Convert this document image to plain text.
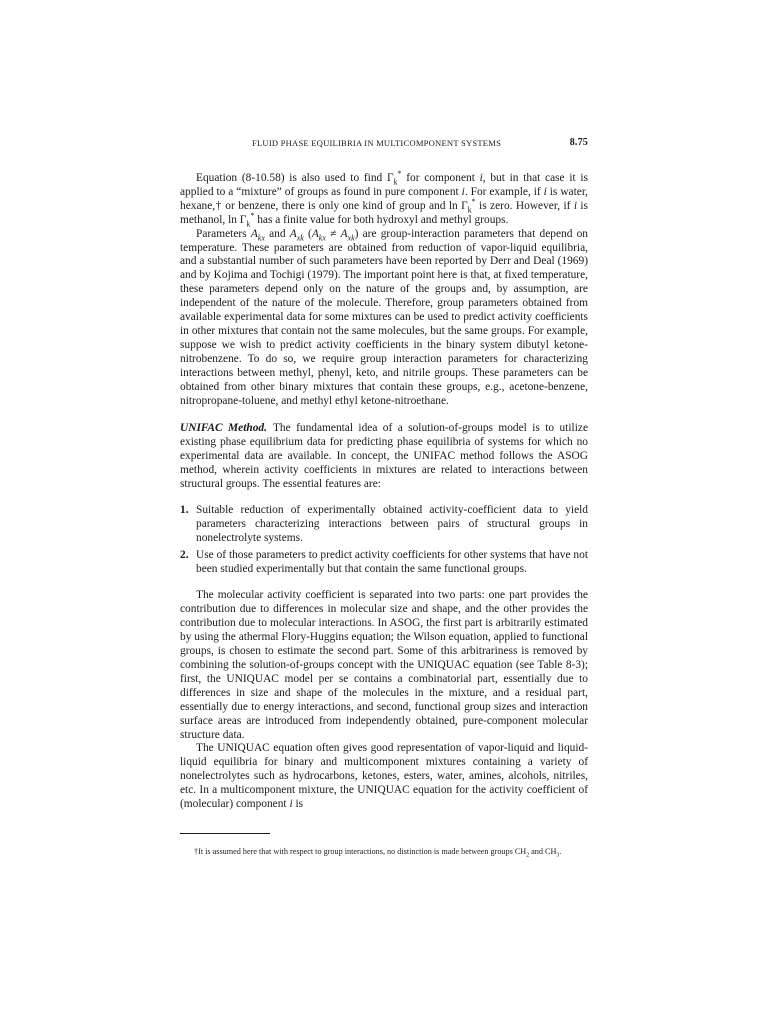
FLUID PHASE EQUILIBRIA IN MULTICOMPONENT SYSTEMS	8.75

Equation (8-10.58) is also used to find $\Gamma_k^*$ for component i, but in that case it is applied to a “mixture” of groups as found in pure component i. For example, if i is water, hexane,† or benzene, there is only one kind of group and $\ln \Gamma_k^*$ is zero. However, if i is methanol, $\ln \Gamma_k^*$ has a finite value for both hydroxyl and methyl groups.

Parameters $A_{kx}$ and $A_{xk}$ $(A_{kx} \ne A_{xk})$ are group-interaction parameters that depend on temperature. These parameters are obtained from reduction of vapor-liquid equilibria, and a substantial number of such parameters have been reported by Derr and Deal (1969) and by Kojima and Tochigi (1979). The important point here is that, at fixed temperature, these parameters depend only on the nature of the groups and, by assumption, are independent of the nature of the molecule. Therefore, group parameters obtained from available experimental data for some mixtures can be used to predict activity coefficients in other mixtures that contain not the same molecules, but the same groups. For example, suppose we wish to predict activity coefficients in the binary system dibutyl ketone-nitrobenzene. To do so, we require group interaction parameters for characterizing interactions between methyl, phenyl, keto, and nitrile groups. These parameters can be obtained from other binary mixtures that contain these groups, e.g., acetone-benzene, nitropropane-toluene, and methyl ethyl ketone-nitroethane.

UNIFAC Method. The fundamental idea of a solution-of-groups model is to utilize existing phase equilibrium data for predicting phase equilibria of systems for which no experimental data are available. In concept, the UNIFAC method follows the ASOG method, wherein activity coefficients in mixtures are related to interactions between structural groups. The essential features are:

1. Suitable reduction of experimentally obtained activity-coefficient data to yield parameters characterizing interactions between pairs of structural groups in nonelectrolyte systems.
2. Use of those parameters to predict activity coefficients for other systems that have not been studied experimentally but that contain the same functional groups.

The molecular activity coefficient is separated into two parts: one part provides the contribution due to differences in molecular size and shape, and the other provides the contribution due to molecular interactions. In ASOG, the first part is arbitrarily estimated by using the athermal Flory-Huggins equation; the Wilson equation, applied to functional groups, is chosen to estimate the second part. Some of this arbitrariness is removed by combining the solution-of-groups concept with the UNIQUAC equation (see Table 8-3); first, the UNIQUAC model per se contains a combinatorial part, essentially due to differences in size and shape of the molecules in the mixture, and a residual part, essentially due to energy interactions, and second, functional group sizes and interaction surface areas are introduced from independently obtained, pure-component molecular structure data.

The UNIQUAC equation often gives good representation of vapor-liquid and liquid-liquid equilibria for binary and multicomponent mixtures containing a variety of nonelectrolytes such as hydrocarbons, ketones, esters, water, amines, alcohols, nitriles, etc. In a multicomponent mixture, the UNIQUAC equation for the activity coefficient of (molecular) component i is

†It is assumed here that with respect to group interactions, no distinction is made between groups $CH_2$ and $CH_3$.
